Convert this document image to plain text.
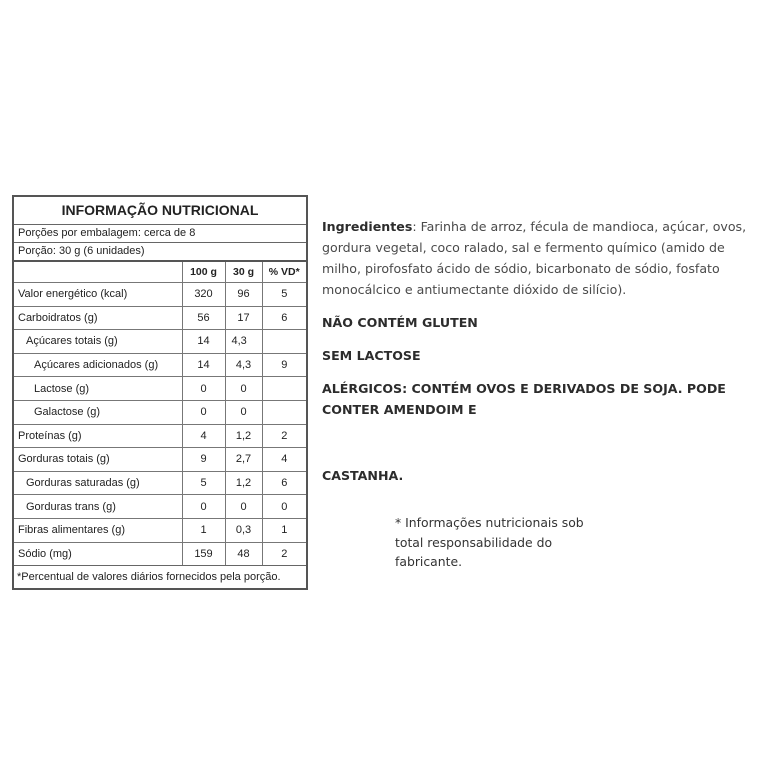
INFORMAÇÃO NUTRICIONAL
Porções por embalagem: cerca de 8
Porção: 30 g (6 unidades)
	100 g	30 g	% VD*
Valor energético (kcal)	320	96	5
Carboidratos (g)	56	17	6
Açúcares totais (g)	14	4,3	
Açúcares adicionados (g)	14	4,3	9
Lactose (g)	0	0	
Galactose (g)	0	0	
Proteínas (g)	4	1,2	2
Gorduras totais (g)	9	2,7	4
Gorduras saturadas (g)	5	1,2	6
Gorduras trans (g)	0	0	0
Fibras alimentares (g)	1	0,3	1
Sódio (mg)	159	48	2
*Percentual de valores diários fornecidos pela porção.
Ingredientes: Farinha de arroz, fécula de mandioca, açúcar, ovos, gordura vegetal, coco ralado, sal e fermento químico (amido de milho, pirofosfato ácido de sódio, bicarbonato de sódio, fosfato monocálcico e antiumectante dióxido de silício).
NÃO CONTÉM GLUTEN
SEM LACTOSE
ALÉRGICOS: CONTÉM OVOS E DERIVADOS DE SOJA. PODE CONTER AMENDOIM E
CASTANHA.
* Informações nutricionais sob total responsabilidade do fabricante.
